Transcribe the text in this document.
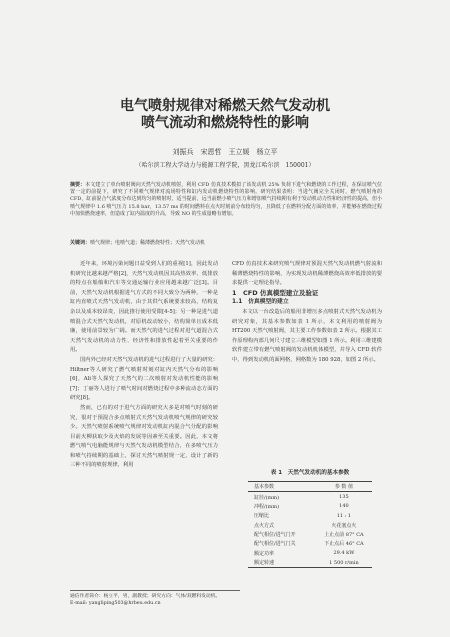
电气喷射规律对稀燃天然气发动机
喷气流动和燃烧特性的影响
刘振兵　宋恩哲　王立媛　杨立平
（哈尔滨工程大学动力与能源工程学院，黑龙江哈尔滨　150001）
摘要：本文建立了单台喷射阀向天然气发动机喷射，利用 CFD 仿真技术模拟了该发动机 25% 负荷下进气和燃烧的工作过程，在保证喷气位置一定的前提下，研究了不同喷气规律对流场特性和缸内发动机燃烧特性的影响。研究结果表明：当进气阀完全关闭时，燃气喷射角的 CFD，缸前混合气浓度分布达到均匀的喷射时，适当提前，远当前燃小喷气压力和增加喷气持续期有利于发动机动力性和经济性的提高，但小喷气规律中 1.6 喷气压力 15.8 bar，13.57 ms 的时间燃料在点火时刻前分布较均匀，且降低了在燃料分配方面的效率，并能够在燃烧过程中加快燃烧速率，但造成了缸内温度的升高，导致 NO 的生成量略有增加。
关键词：喷气规律；电喷气道；稀薄燃烧特性；天然气发动机

近年来，环境污染问题日益受到人们的重视[1]，因此发动机研究比越来越严格[2]，天然气发动机因其高热效率、低排放的特点在船舶和汽车等交通运输行业应用越来越广泛[3]。目前，天然气发动机根据进气方式的不同大致分为两种，一种是缸内直喷式天然气发动机，由于其供气系统要求较高，结构复杂以及成本较昂贵，因此推行使用受限[4-5]；另一种是进气道喷混合式天然气发动机，对原机改动较小，结构简单且成本低廉，使用前景较为广阔。而天然气的进气过程对进气道混合式天然气发动机的动力性、经济性和排放性起着至关重要的作用。

国内外已经对天然气发动机的进气过程进行了大量的研究：Hiltner等人研究了燃气喷射时刻对缸内天然气分布的影响[6]，Ali等人探究了天然气的二次喷射对发动机性能的影响[7]；丁丽等人进行了喷气时间对燃烧过程中多种流动态方面的研究[8]。

然而，已有的对于进气方面的研究大多是对喷气时刻的研究，很对于预混合多点喷射式天然气发动机喷气规律的研究较少。天然气喷射系统喷气规律对发动机缸内混合气分配的影响目前火柳获取少及火焰的发展等因素至关重要。因此，本文将燃气喷气电脑能规律与天然气发动机模型结合，在多喷气压力和喷气持续期的基础上，探讨天然气喷射规一定，设计了新的三种不同的喷射规律，利用

CFD 仿真技术来研究喷气规律对预混天然气发动机燃气射流和稀薄燃烧特性的影响，为实现发动机稀薄燃烧高效率低排放的要求提供一定理论指导。

1　CFD 仿真模型建立及验证

1.1　仿真模型的建立

本文以一台改造后的船用非增压多点喷射式天然气发动机为研究对象，其基本参数如表 1 所示，本文利用的喷射阀为 HT200 天然气喷射阀，其主要工作参数如表 2 所示。根据其工作原理构内部几何尺寸建立三维模型如图 1 所示。利用三维建模软件建立带有燃气喷射阀的发动机机体模型，并导入 CFD 软件中，得到发动机的面网格，网格数为 180 928，如图 2 所示。

表 1　天然气发动机的基本参数
基本参数	参 数 值
缸径/(mm)	135
冲程/(mm)	140
压缩比	11 : 1
点火方式	火花塞点火
配气相位/进气门开	上止点前 87° CA
配气相位/进气门关	下止点后 46° CA
额定功率	29.4 kW
额定转速	1 500 r/min
通信作者简介：杨立平，男，副教授；研究方向：气体/双燃料发动机。
E-mail: yangliping503@hrbeu.edu.cn
